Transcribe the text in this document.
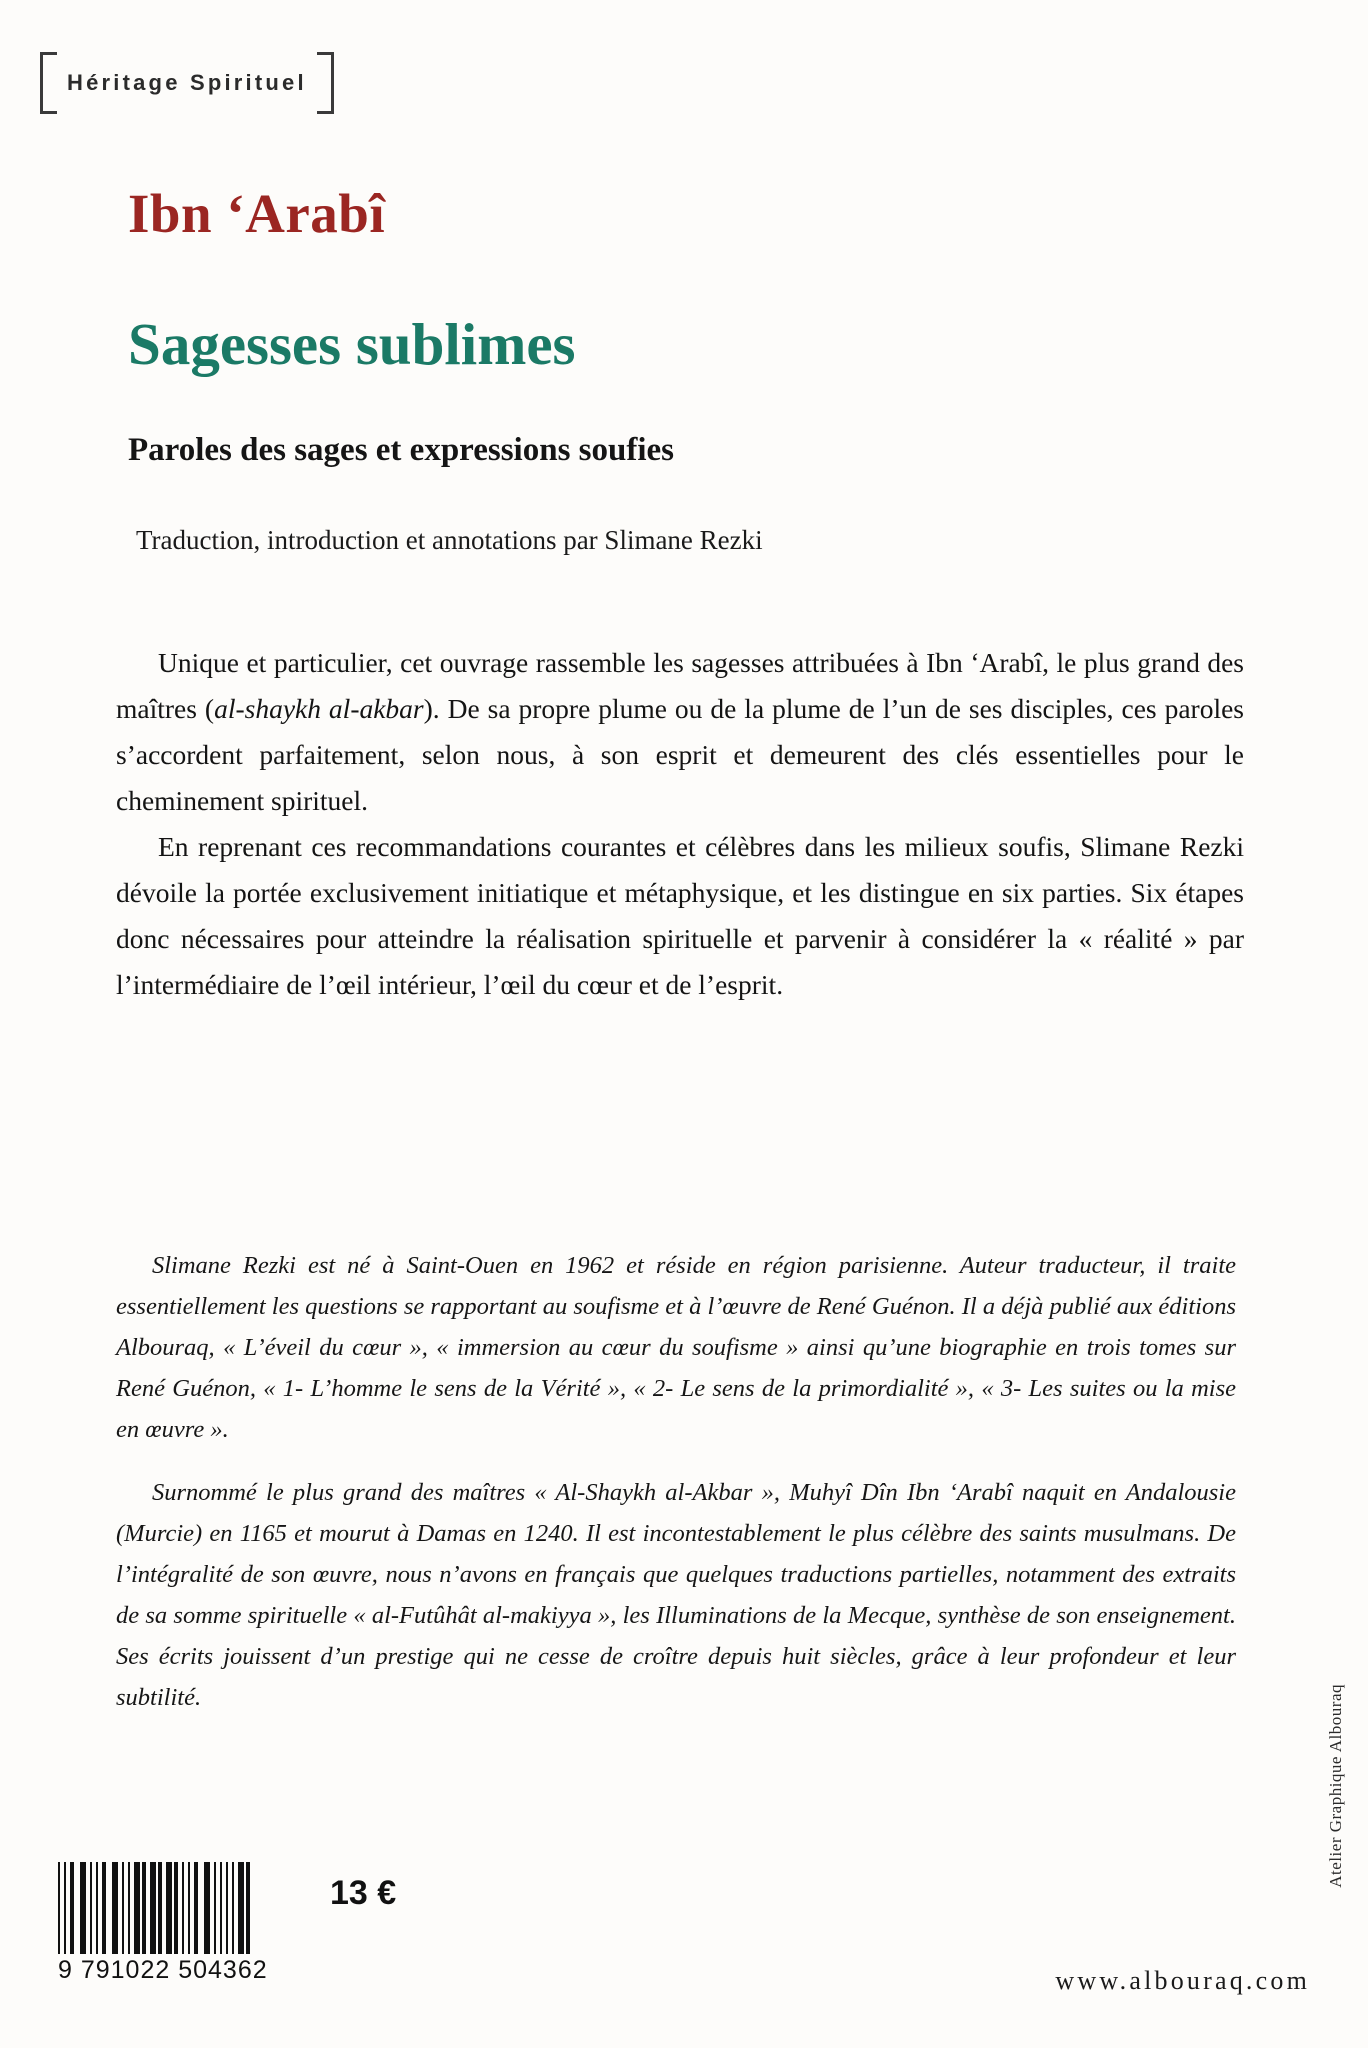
Héritage Spirituel
Ibn ‘Arabî
Sagesses sublimes
Paroles des sages et expressions soufies
Traduction, introduction et annotations par Slimane Rezki

Unique et particulier, cet ouvrage rassemble les sagesses attribuées à Ibn ‘Arabî, le plus grand des maîtres (al-shaykh al-akbar). De sa propre plume ou de la plume de l’un de ses disciples, ces paroles s’accordent parfaitement, selon nous, à son esprit et demeurent des clés essentielles pour le cheminement spirituel.

En reprenant ces recommandations courantes et célèbres dans les milieux soufis, Slimane Rezki dévoile la portée exclusivement initiatique et métaphysique, et les distingue en six parties. Six étapes donc nécessaires pour atteindre la réalisation spirituelle et parvenir à considérer la « réalité » par l’intermédiaire de l’œil intérieur, l’œil du cœur et de l’esprit.

Slimane Rezki est né à Saint-Ouen en 1962 et réside en région parisienne. Auteur traducteur, il traite essentiellement les questions se rapportant au soufisme et à l’œuvre de René Guénon. Il a déjà publié aux éditions Albouraq, « L’éveil du cœur », « immersion au cœur du soufisme » ainsi qu’une biographie en trois tomes sur René Guénon, « 1- L’homme le sens de la Vérité », « 2- Le sens de la primordialité », « 3- Les suites ou la mise en œuvre ».

Surnommé le plus grand des maîtres « Al-Shaykh al-Akbar », Muhyî Dîn Ibn ‘Arabî naquit en Andalousie (Murcie) en 1165 et mourut à Damas en 1240. Il est incontestablement le plus célèbre des saints musulmans. De l’intégralité de son œuvre, nous n’avons en français que quelques traductions partielles, notamment des extraits de sa somme spirituelle « al-Futûhât al-makiyya », les Illuminations de la Mecque, synthèse de son enseignement. Ses écrits jouissent d’un prestige qui ne cesse de croître depuis huit siècles, grâce à leur profondeur et leur subtilité.

9 791022 504362
13 €
www.albouraq.com
Atelier Graphique Albouraq
